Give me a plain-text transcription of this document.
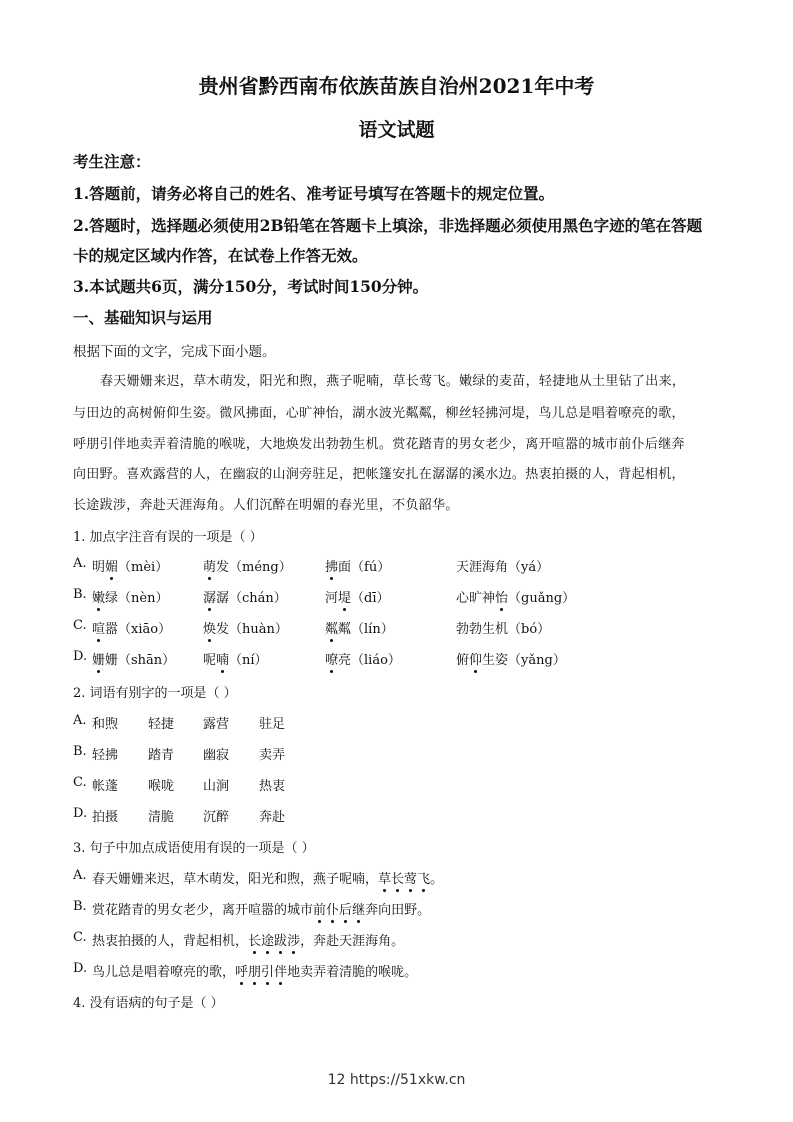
贵州省黔西南布依族苗族自治州2021年中考
语文试题
考生注意：
1.答题前，请务必将自己的姓名、准考证号填写在答题卡的规定位置。
2.答题时，选择题必须使用2B铅笔在答题卡上填涂，非选择题必须使用黑色字迹的笔在答题
卡的规定区域内作答，在试卷上作答无效。
3.本试题共6页，满分150分，考试时间150分钟。
一、基础知识与运用
根据下面的文字，完成下面小题。
春天姗姗来迟，草木萌发，阳光和煦，燕子呢喃，草长莺飞。嫩绿的麦苗，轻捷地从土里钻了出来，
与田边的高树俯仰生姿。微风拂面，心旷神怡，湖水波光粼粼，柳丝轻拂河堤，鸟儿总是唱着嘹亮的歌，
呼朋引伴地卖弄着清脆的喉咙，大地焕发出勃勃生机。赏花踏青的男女老少，离开喧嚣的城市前仆后继奔
向田野。喜欢露营的人，在幽寂的山涧旁驻足，把帐篷安扎在潺潺的溪水边。热衷拍摄的人，背起相机，
长途跋涉，奔赴天涯海角。人们沉醉在明媚的春光里，不负韶华。
1. 加点字注音有误的一项是（ ）
A. 明媚（mèi）	萌发（méng）	拂面（fú）	天涯海角（yá）
B. 嫩绿（nèn）	潺潺（chán）	河堤（dī）	心旷神怡（guǎng）
C. 喧嚣（xiāo） 焕发（huàn）	粼粼（lín）	勃勃生机（bó）
D. 姗姗（shān） 呢喃（ní）	嘹亮（liáo）	俯仰生姿（yǎng）
2. 词语有别字的一项是（ ）
A. 和煦 轻捷 露营 驻足
B. 轻拂 踏青 幽寂 卖弄
C. 帐蓬 喉咙 山涧 热衷
D. 拍摄 清脆 沉醉 奔赴
3. 句子中加点成语使用有误的一项是（ ）
A. 春天姗姗来迟，草木萌发，阳光和煦，燕子呢喃，草长莺飞。
B. 赏花踏青的男女老少，离开喧嚣的城市前仆后继奔向田野。
C. 热衷拍摄的人，背起相机，长途跋涉，奔赴天涯海角。
D. 鸟儿总是唱着嘹亮的歌，呼朋引伴地卖弄着清脆的喉咙。
4. 没有语病的句子是（ ）
12 https://51xkw.cn
